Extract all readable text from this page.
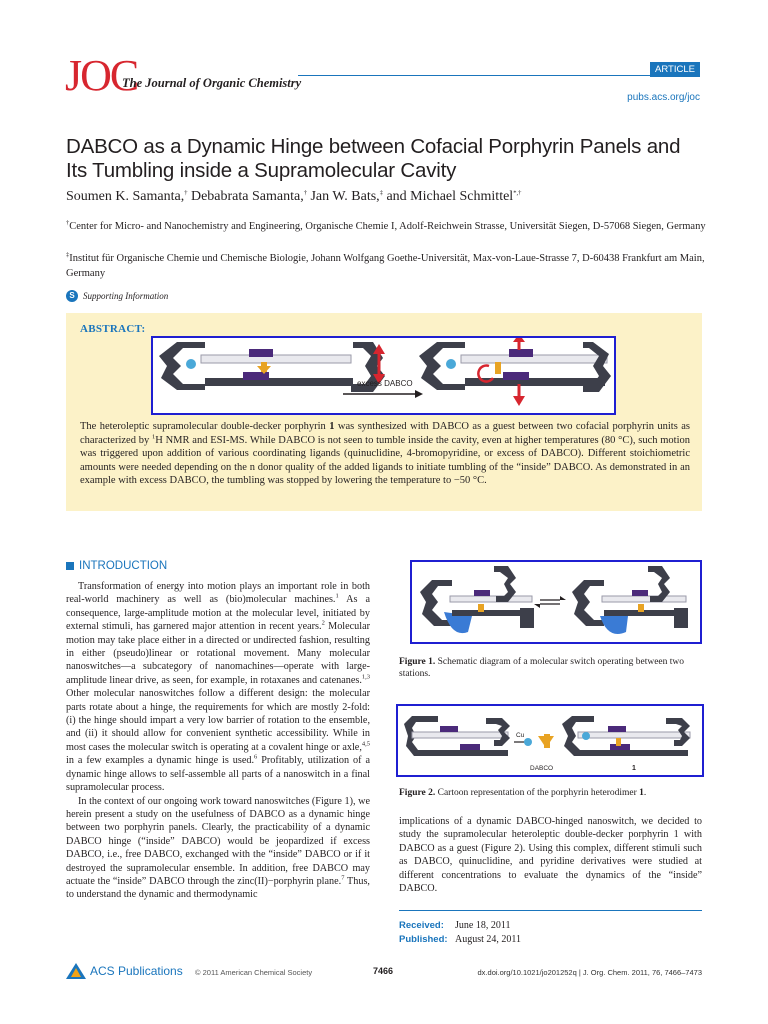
JOC
The Journal of Organic Chemistry
ARTICLE
pubs.acs.org/joc
DABCO as a Dynamic Hinge between Cofacial Porphyrin Panels and Its Tumbling inside a Supramolecular Cavity
Soumen K. Samanta,† Debabrata Samanta,† Jan W. Bats,‡ and Michael Schmittel*,†
†Center for Micro- and Nanochemistry and Engineering, Organische Chemie I, Adolf-Reichwein Strasse, Universität Siegen, D-57068 Siegen, Germany
‡Institut für Organische Chemie und Chemische Biologie, Johann Wolfgang Goethe-Universität, Max-von-Laue-Strasse 7, D-60438 Frankfurt am Main, Germany
S Supporting Information
ABSTRACT:
excess DABCO

The heteroleptic supramolecular double-decker porphyrin 1 was synthesized with DABCO as a guest between two cofacial porphyrin units as characterized by $^1$H NMR and ESI-MS. While DABCO is not seen to tumble inside the cavity, even at higher temperatures (80 °C), such motion was triggered upon addition of various coordinating ligands (quinuclidine, 4-bromopyridine, or excess of DABCO). Different stoichiometric amounts were needed depending on the n donor quality of the added ligands to initiate tumbling of the “inside” DABCO. As demonstrated in an example with excess DABCO, the tumbling was stopped by lowering the temperature to −50 °C.

INTRODUCTION

Transformation of energy into motion plays an important role in both real-world machinery as well as (bio)molecular machines.$^1$ As a consequence, large-amplitude motion at the molecular level, initiated by external stimuli, has garnered major attention in recent years.$^2$ Molecular motion may take place either in a directed or undirected fashion, resulting in either (pseudo)linear or rotational movement. Many molecular nanoswitches—a subcategory of nanomachines—operate with large-amplitude linear drive, as seen, for example, in rotaxanes and catenanes.$^{1,3}$ Other molecular nanoswitches follow a different design: the molecular parts rotate about a hinge, the requirements for which are mostly 2-fold: (i) the hinge should impart a very low barrier of rotation to the ensemble, and (ii) it should allow for convenient synthetic accessibility. While in most cases the molecular switch is operating at a covalent hinge or axle,$^{4,5}$ in a few examples a dynamic hinge is used.$^6$ Profitably, utilization of a dynamic hinge allows to self-assemble all parts of a nanoswitch in a final supramolecular process.

In the context of our ongoing work toward nanoswitches (Figure 1), we herein present a study on the usefulness of DABCO as a dynamic hinge between two porphyrin panels. Clearly, the practicability of a dynamic DABCO hinge (“inside” DABCO) would be jeopardized if excess DABCO, i.e., free DABCO, exchanged with the “inside” DABCO or if it destroyed the supramolecular ensemble. In addition, free DABCO may actuate the “inside” DABCO through the zinc(II)−porphyrin plane.$^7$ Thus, to understand the dynamic and thermodynamic

Figure 1. Schematic diagram of a molecular switch operating between two stations.
Cu
DABCO	1
Figure 2. Cartoon representation of the porphyrin heterodimer 1.
implications of a dynamic DABCO-hinged nanoswitch, we decided to study the supramolecular heteroleptic double-decker porphyrin 1 with DABCO as a guest (Figure 2). Using this complex, different stimuli such as DABCO, quinuclidine, and pyridine derivatives were studied at different concentrations to evaluate the dynamics of the “inside” DABCO.
Received: June 18, 2011
Published: August 24, 2011
ACS Publications © 2011 American Chemical Society	7466	dx.doi.org/10.1021/jo201252q | J. Org. Chem. 2011, 76, 7466–7473
